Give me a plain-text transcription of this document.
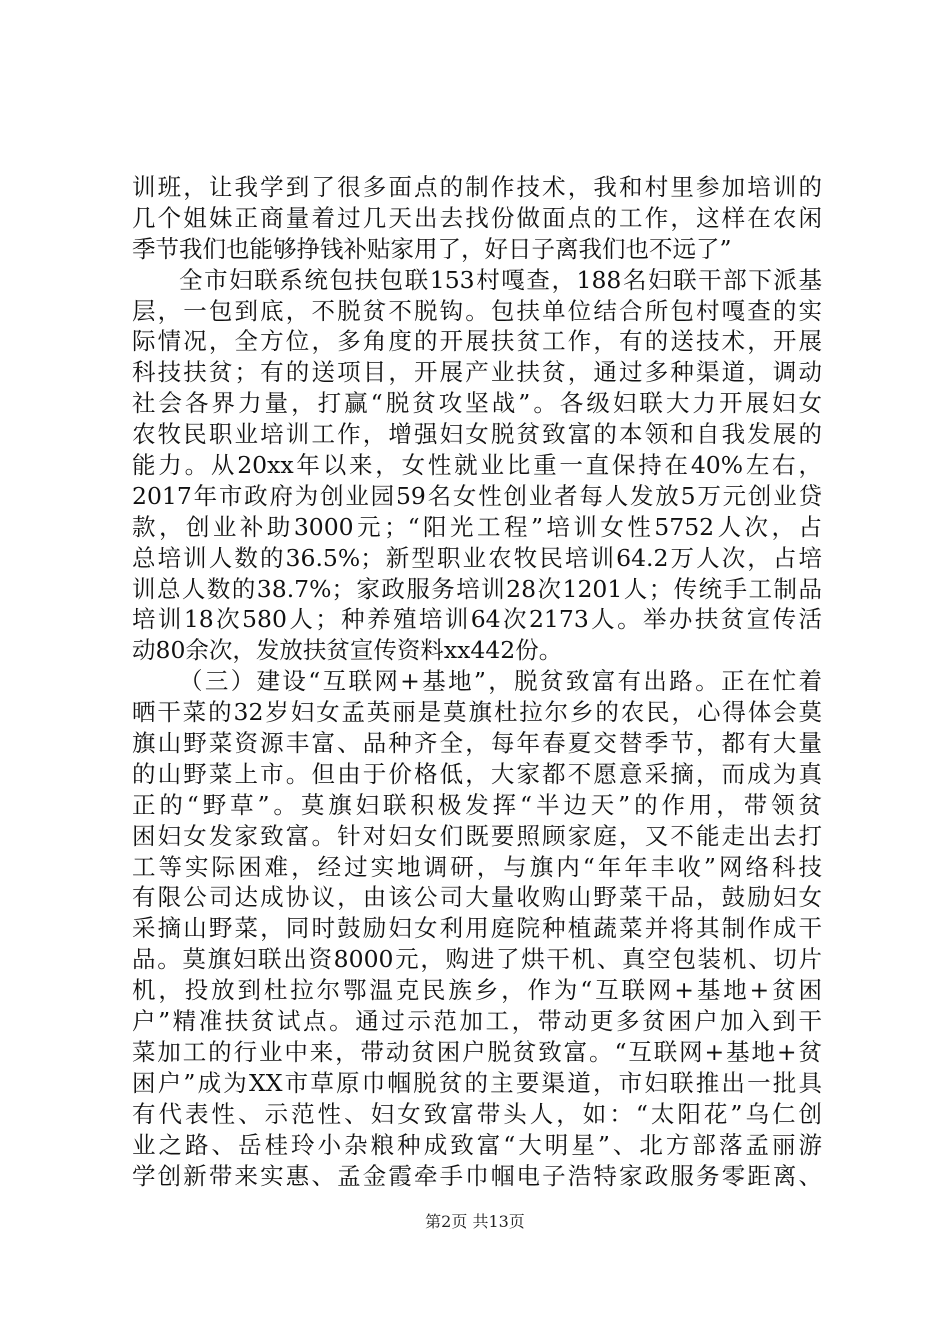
训班，让我学到了很多面点的制作技术，我和村里参加培训的
几个姐妹正商量着过几天出去找份做面点的工作，这样在农闲
季节我们也能够挣钱补贴家用了，好日子离我们也不远了”
全市妇联系统包扶包联153村嘎查，188名妇联干部下派基
层，一包到底，不脱贫不脱钩。包扶单位结合所包村嘎查的实
际情况，全方位，多角度的开展扶贫工作，有的送技术，开展
科技扶贫；有的送项目，开展产业扶贫，通过多种渠道，调动
社会各界力量，打赢“脱贫攻坚战”。各级妇联大力开展妇女
农牧民职业培训工作，增强妇女脱贫致富的本领和自我发展的
能力。从20xx年以来，女性就业比重一直保持在40%左右，
2017年市政府为创业园59名女性创业者每人发放5万元创业贷
款，创业补助3000元；“阳光工程”培训女性5752人次，占
总培训人数的36.5%；新型职业农牧民培训64.2万人次，占培
训总人数的38.7%；家政服务培训28次1201人；传统手工制品
培训18次580人；种养殖培训64次2173人。举办扶贫宣传活
动80余次，发放扶贫宣传资料xx442份。
（三）建设“互联网+基地”，脱贫致富有出路。正在忙着
晒干菜的32岁妇女孟英丽是莫旗杜拉尔乡的农民，心得体会莫
旗山野菜资源丰富、品种齐全，每年春夏交替季节，都有大量
的山野菜上市。但由于价格低，大家都不愿意采摘，而成为真
正的“野草”。莫旗妇联积极发挥“半边天”的作用，带领贫
困妇女发家致富。针对妇女们既要照顾家庭，又不能走出去打
工等实际困难，经过实地调研，与旗内“年年丰收”网络科技
有限公司达成协议，由该公司大量收购山野菜干品，鼓励妇女
采摘山野菜，同时鼓励妇女利用庭院种植蔬菜并将其制作成干
品。莫旗妇联出资8000元，购进了烘干机、真空包装机、切片
机，投放到杜拉尔鄂温克民族乡，作为“互联网+基地+贫困
户”精准扶贫试点。通过示范加工，带动更多贫困户加入到干
菜加工的行业中来，带动贫困户脱贫致富。“互联网+基地+贫
困户”成为XX市草原巾帼脱贫的主要渠道，市妇联推出一批具
有代表性、示范性、妇女致富带头人，如：“太阳花”乌仁创
业之路、岳桂玲小杂粮种成致富“大明星”、北方部落孟丽游
学创新带来实惠、孟金霞牵手巾帼电子浩特家政服务零距离、
第2页 共13页
